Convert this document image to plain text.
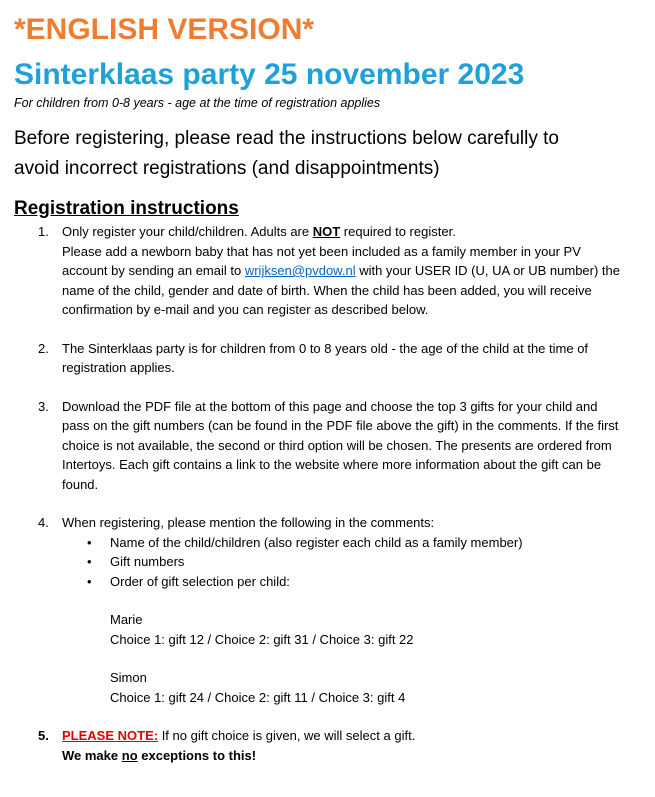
*ENGLISH VERSION*
Sinterklaas party 25 november 2023

For children from 0-8 years - age at the time of registration applies

Before registering, please read the instructions below carefully to avoid incorrect registrations (and disappointments)

Registration instructions
1. Only register your child/children. Adults are NOT required to register.
Please add a newborn baby that has not yet been included as a family member in your PV account by sending an email to wrijksen@pvdow.nl with your USER ID (U, UA or UB number) the name of the child, gender and date of birth. When the child has been added, you will receive confirmation by e-mail and you can register as described below.
2. The Sinterklaas party is for children from 0 to 8 years old - the age of the child at the time of registration applies.
3. Download the PDF file at the bottom of this page and choose the top 3 gifts for your child and pass on the gift numbers (can be found in the PDF file above the gift) in the comments. If the first choice is not available, the second or third option will be chosen. The presents are ordered from Intertoys. Each gift contains a link to the website where more information about the gift can be found.
4. When registering, please mention the following in the comments:
• Name of the child/children (also register each child as a family member)
• Gift numbers
• Order of gift selection per child:
Marie
Choice 1: gift 12 / Choice 2: gift 31 / Choice 3: gift 22
Simon
Choice 1: gift 24 / Choice 2: gift 11 / Choice 3: gift 4
5. PLEASE NOTE: If no gift choice is given, we will select a gift.
We make no exceptions to this!
